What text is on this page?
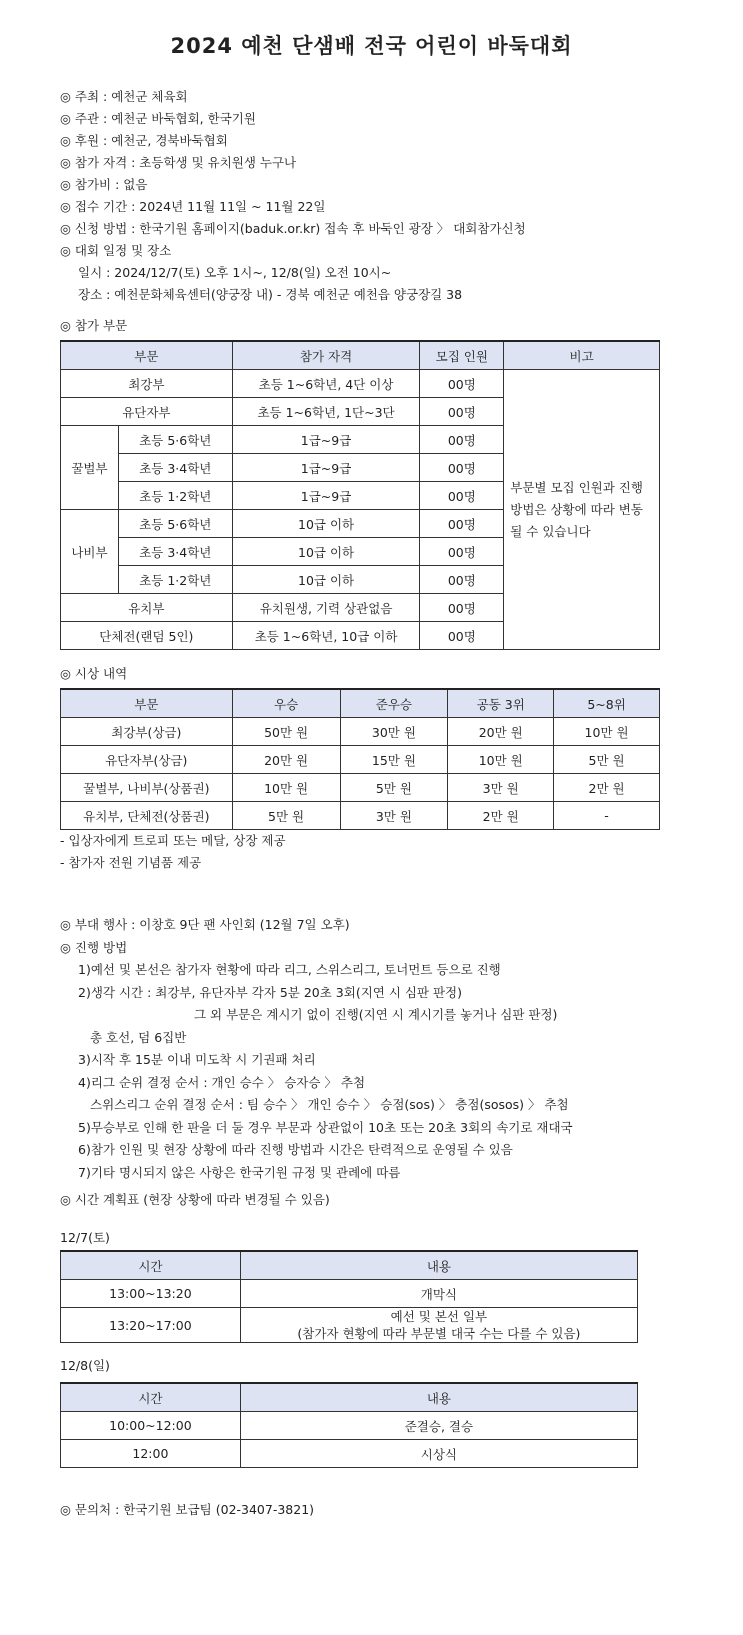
2024 예천 단샘배 전국 어린이 바둑대회
◎ 주최 : 예천군 체육회
◎ 주관 : 예천군 바둑협회, 한국기원
◎ 후원 : 예천군, 경북바둑협회
◎ 참가 자격 : 초등학생 및 유치원생 누구나
◎ 참가비 : 없음
◎ 접수 기간 : 2024년 11월 11일 ~ 11월 22일
◎ 신청 방법 : 한국기원 홈페이지(baduk.or.kr) 접속 후 바둑인 광장 〉 대회참가신청
◎ 대회 일정 및 장소
일시 : 2024/12/7(토) 오후 1시~, 12/8(일) 오전 10시~
장소 : 예천문화체육센터(양궁장 내) - 경북 예천군 예천읍 양궁장길 38
◎ 참가 부문
부문		참가 자격	모집 인원	비고
최강부		초등 1~6학년, 4단 이상	00명	부문별 모집 인원과 진행 방법은 상황에 따라 변동될 수 있습니다
유단자부		초등 1~6학년, 1단~3단	00명	
꿀벌부	초등 5·6학년	1급~9급	00명	
	초등 3·4학년	1급~9급	00명	
	초등 1·2학년	1급~9급	00명	
나비부	초등 5·6학년	10급 이하	00명	
	초등 3·4학년	10급 이하	00명	
	초등 1·2학년	10급 이하	00명	
유치부		유치원생, 기력 상관없음	00명	
단체전(랜덤 5인)		초등 1~6학년, 10급 이하	00명	
◎ 시상 내역
부문	우승	준우승	공동 3위	5~8위
최강부(상금)	50만 원	30만 원	20만 원	10만 원
유단자부(상금)	20만 원	15만 원	10만 원	5만 원
꿀벌부, 나비부(상품권)	10만 원	5만 원	3만 원	2만 원
유치부, 단체전(상품권)	5만 원	3만 원	2만 원	-
- 입상자에게 트로피 또는 메달, 상장 제공
- 참가자 전원 기념품 제공
◎ 부대 행사 : 이창호 9단 팬 사인회 (12월 7일 오후)
◎ 진행 방법
1)예선 및 본선은 참가자 현황에 따라 리그, 스위스리그, 토너먼트 등으로 진행
2)생각 시간 : 최강부, 유단자부 각자 5분 20초 3회(지연 시 심판 판정)
그 외 부문은 계시기 없이 진행(지연 시 계시기를 놓거나 심판 판정)
총 호선, 덤 6집반
3)시작 후 15분 이내 미도착 시 기권패 처리
4)리그 순위 결정 순서 : 개인 승수 〉 승자승 〉 추첨
스위스리그 순위 결정 순서 : 팀 승수 〉 개인 승수 〉 승점(sos) 〉 층점(sosos) 〉 추첨
5)무승부로 인해 한 판을 더 둘 경우 부문과 상관없이 10초 또는 20초 3회의 속기로 재대국
6)참가 인원 및 현장 상황에 따라 진행 방법과 시간은 탄력적으로 운영될 수 있음
7)기타 명시되지 않은 사항은 한국기원 규정 및 관례에 따름
◎ 시간 계획표 (현장 상황에 따라 변경될 수 있음)
12/7(토)
시간	내용
13:00~13:20	개막식
13:20~17:00	예선 및 본선 일부
(참가자 현황에 따라 부문별 대국 수는 다를 수 있음)
12/8(일)
시간	내용
10:00~12:00	준결승, 결승
12:00	시상식
◎ 문의처 : 한국기원 보급팀 (02-3407-3821)
